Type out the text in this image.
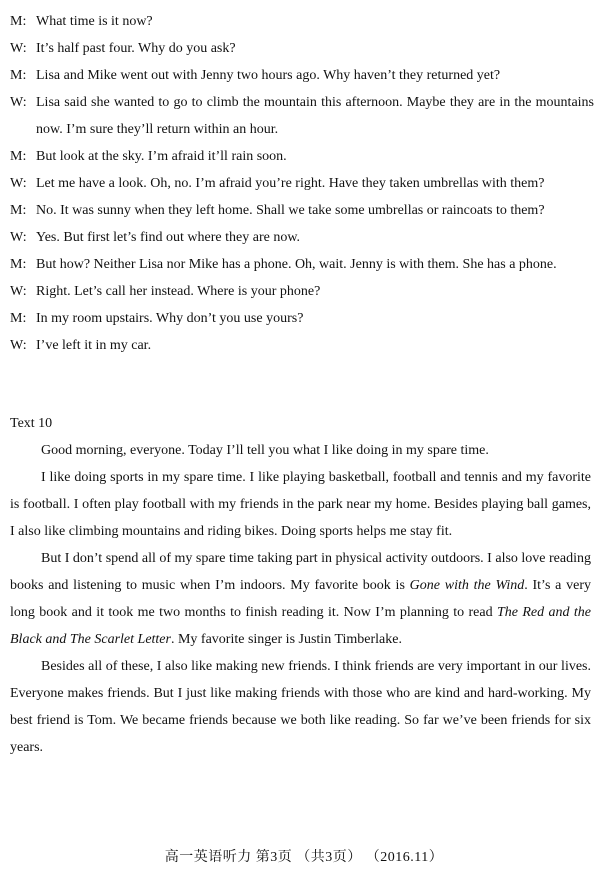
M: What time is it now?
W: It’s half past four. Why do you ask?
M: Lisa and Mike went out with Jenny two hours ago. Why haven’t they returned yet?
W: Lisa said she wanted to go to climb the mountain this afternoon. Maybe they are in the mountains now. I’m sure they’ll return within an hour.
M: But look at the sky. I’m afraid it’ll rain soon.
W: Let me have a look. Oh, no. I’m afraid you’re right. Have they taken umbrellas with them?
M: No. It was sunny when they left home. Shall we take some umbrellas or raincoats to them?
W: Yes. But first let’s find out where they are now.
M: But how? Neither Lisa nor Mike has a phone. Oh, wait. Jenny is with them. She has a phone.
W: Right. Let’s call her instead. Where is your phone?
M: In my room upstairs. Why don’t you use yours?
W: I’ve left it in my car.
Text 10

Good morning, everyone. Today I’ll tell you what I like doing in my spare time.

I like doing sports in my spare time. I like playing basketball, football and tennis and my favorite is football. I often play football with my friends in the park near my home. Besides playing ball games, I also like climbing mountains and riding bikes. Doing sports helps me stay fit.

But I don’t spend all of my spare time taking part in physical activity outdoors. I also love reading books and listening to music when I’m indoors. My favorite book is Gone with the Wind. It’s a very long book and it took me two months to finish reading it. Now I’m planning to read The Red and the Black and The Scarlet Letter. My favorite singer is Justin Timberlake.

Besides all of these, I also like making new friends. I think friends are very important in our lives. Everyone makes friends. But I just like making friends with those who are kind and hard-working. My best friend is Tom. We became friends because we both like reading. So far we’ve been friends for six years.

高一英语听力 第3页 （共3页） （2016.11）
